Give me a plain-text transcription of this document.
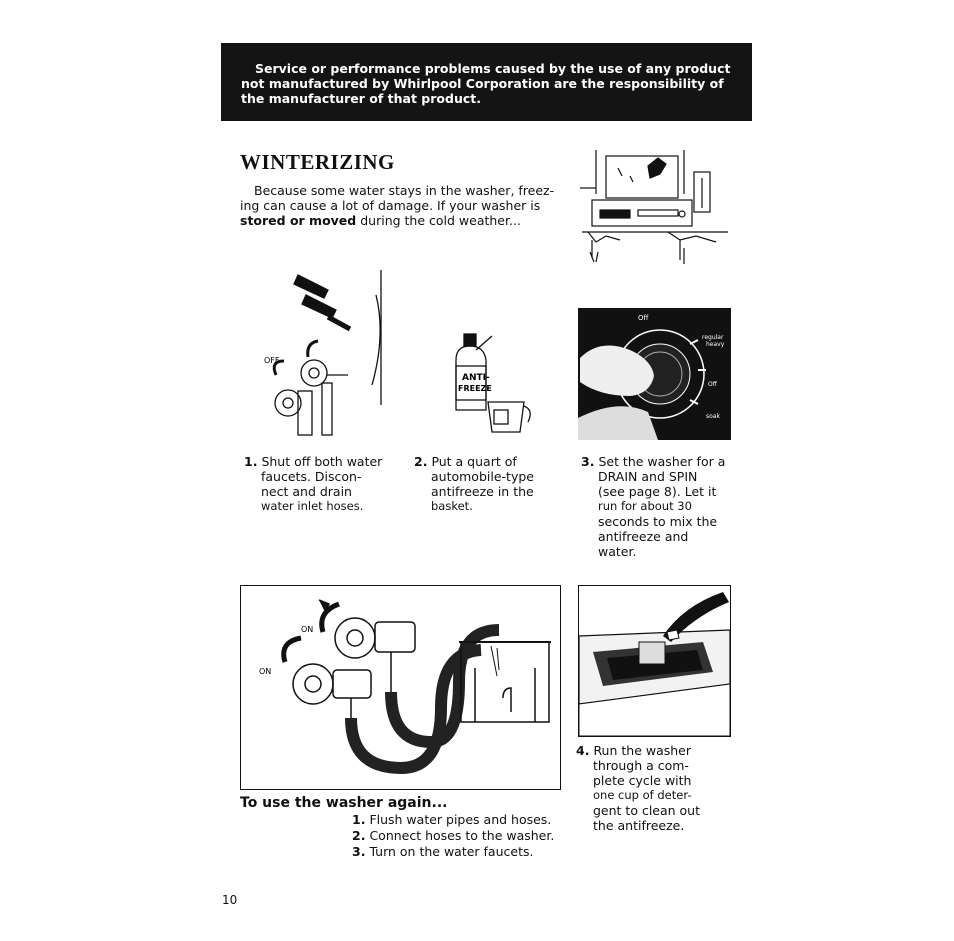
Service or performance problems caused by the use of any product
not manufactured by Whirlpool Corporation are the responsibility of
the manufacturer of that product.
WINTERIZING
Because some water stays in the washer, freez-
ing can cause a lot of damage. If your washer is
stored or moved during the cold weather...
OFF
ANTI-
FREEZE
Off
regular
heavy
Off
soak
1. Shut off both water
faucets. Discon-
nect and drain
water inlet hoses.
2. Put a quart of
automobile-type
antifreeze in the
basket.
3. Set the washer for a
DRAIN and SPIN
(see page 8). Let it
run for about 30
seconds to mix the
antifreeze and
water.
ON
ON
4. Run the washer
through a com-
plete cycle with
one cup of deter-
gent to clean out
the antifreeze.
To use the washer again...
1. Flush water pipes and hoses.
2. Connect hoses to the washer.
3. Turn on the water faucets.
10
